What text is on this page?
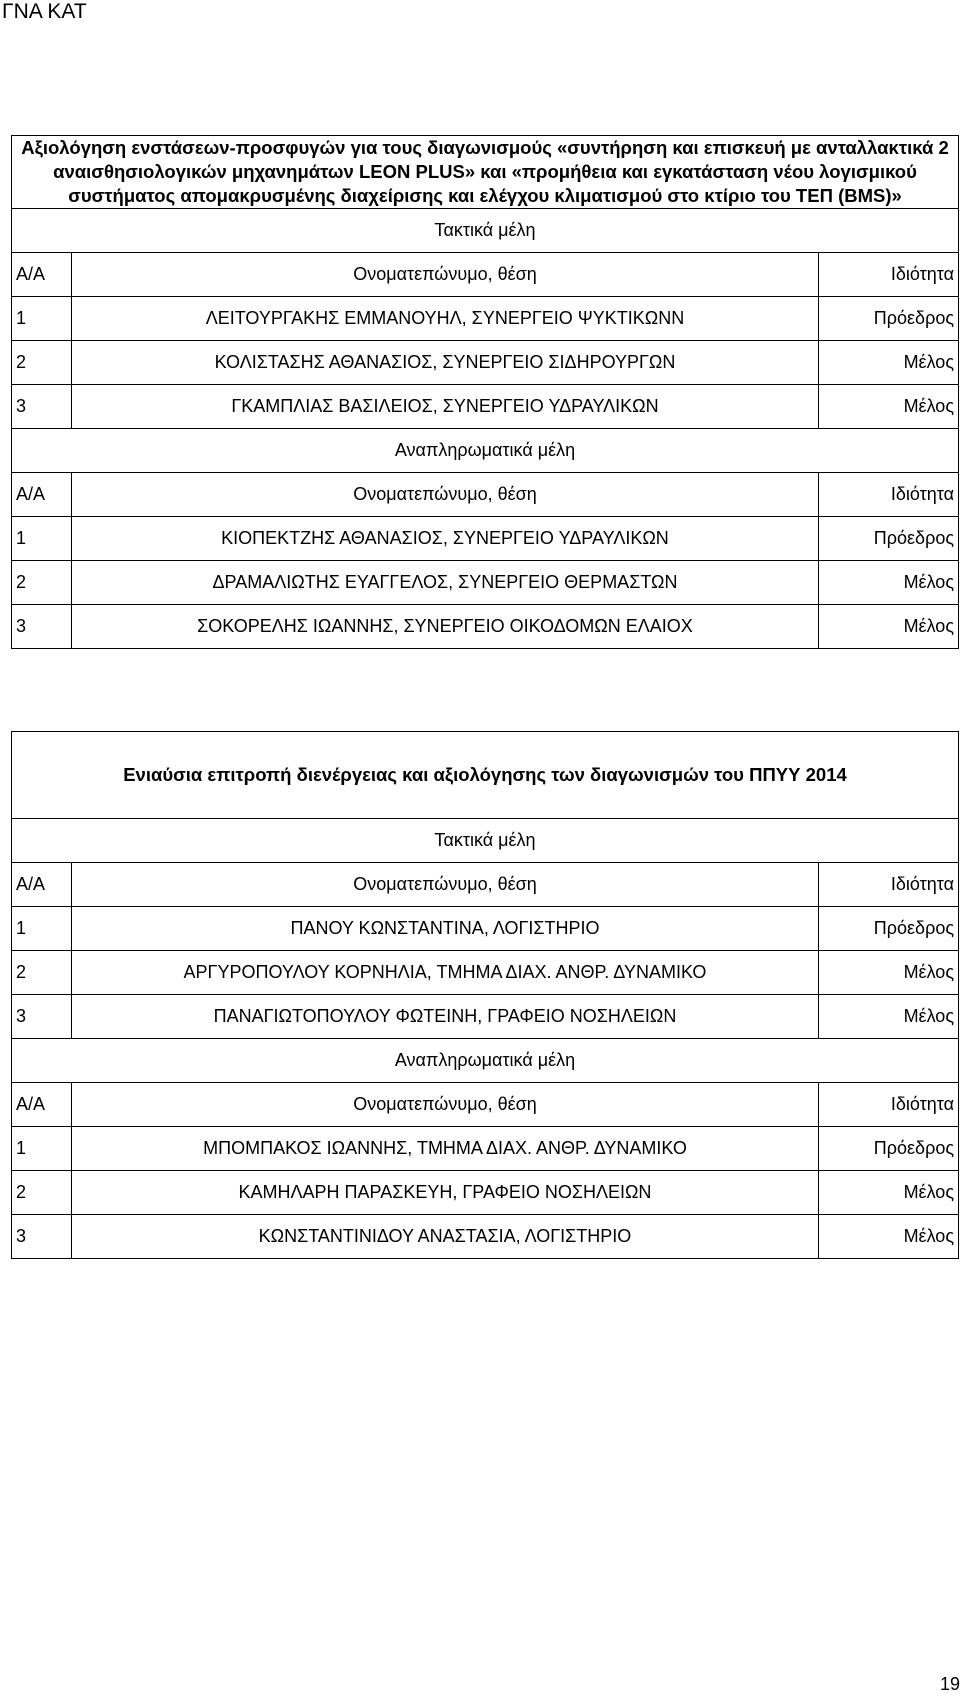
ΓΝΑ ΚΑΤ
Αξιολόγηση ενστάσεων-προσφυγών για τους διαγωνισμούς «συντήρηση και επισκευή με ανταλλακτικά 2 αναισθησιολογικών μηχανημάτων LEON PLUS» και «προμήθεια και εγκατάσταση νέου λογισμικού συστήματος απομακρυσμένης διαχείρισης και ελέγχου κλιματισμού στο κτίριο του ΤΕΠ (BMS)»		
Τακτικά μέλη		
Α/Α	Ονοματεπώνυμο, θέση	Ιδιότητα
1	ΛΕΙΤΟΥΡΓΑΚΗΣ ΕΜΜΑΝΟΥΗΛ, ΣΥΝΕΡΓΕΙΟ ΨΥΚΤΙΚΩΝΝ	Πρόεδρος
2	ΚΟΛΙΣΤΑΣΗΣ ΑΘΑΝΑΣΙΟΣ, ΣΥΝΕΡΓΕΙΟ ΣΙΔΗΡΟΥΡΓΩΝ	Μέλος
3	ΓΚΑΜΠΛΙΑΣ ΒΑΣΙΛΕΙΟΣ, ΣΥΝΕΡΓΕΙΟ ΥΔΡΑΥΛΙΚΩΝ	Μέλος
Αναπληρωματικά μέλη		
Α/Α	Ονοματεπώνυμο, θέση	Ιδιότητα
1	ΚΙΟΠΕΚΤΖΗΣ ΑΘΑΝΑΣΙΟΣ, ΣΥΝΕΡΓΕΙΟ ΥΔΡΑΥΛΙΚΩΝ	Πρόεδρος
2	ΔΡΑΜΑΛΙΩΤΗΣ ΕΥΑΓΓΕΛΟΣ, ΣΥΝΕΡΓΕΙΟ ΘΕΡΜΑΣΤΩΝ	Μέλος
3	ΣΟΚΟΡΕΛΗΣ ΙΩΑΝΝΗΣ, ΣΥΝΕΡΓΕΙΟ ΟΙΚΟΔΟΜΩΝ ΕΛΑΙΟΧ	Μέλος
Ενιαύσια επιτροπή διενέργειας και αξιολόγησης των διαγωνισμών του ΠΠΥΥ 2014		
Τακτικά μέλη		
Α/Α	Ονοματεπώνυμο, θέση	Ιδιότητα
1	ΠΑΝΟΥ ΚΩΝΣΤΑΝΤΙΝΑ, ΛΟΓΙΣΤΗΡΙΟ	Πρόεδρος
2	ΑΡΓΥΡΟΠΟΥΛΟΥ ΚΟΡΝΗΛΙΑ, ΤΜΗΜΑ ΔΙΑΧ. ΑΝΘΡ. ΔΥΝΑΜΙΚΟ	Μέλος
3	ΠΑΝΑΓΙΩΤΟΠΟΥΛΟΥ ΦΩΤΕΙΝΗ, ΓΡΑΦΕΙΟ ΝΟΣΗΛΕΙΩΝ	Μέλος
Αναπληρωματικά μέλη		
Α/Α	Ονοματεπώνυμο, θέση	Ιδιότητα
1	ΜΠΟΜΠΑΚΟΣ ΙΩΑΝΝΗΣ, ΤΜΗΜΑ ΔΙΑΧ. ΑΝΘΡ. ΔΥΝΑΜΙΚΟ	Πρόεδρος
2	ΚΑΜΗΛΑΡΗ ΠΑΡΑΣΚΕΥΗ, ΓΡΑΦΕΙΟ ΝΟΣΗΛΕΙΩΝ	Μέλος
3	ΚΩΝΣΤΑΝΤΙΝΙΔΟΥ ΑΝΑΣΤΑΣΙΑ, ΛΟΓΙΣΤΗΡΙΟ	Μέλος
19
